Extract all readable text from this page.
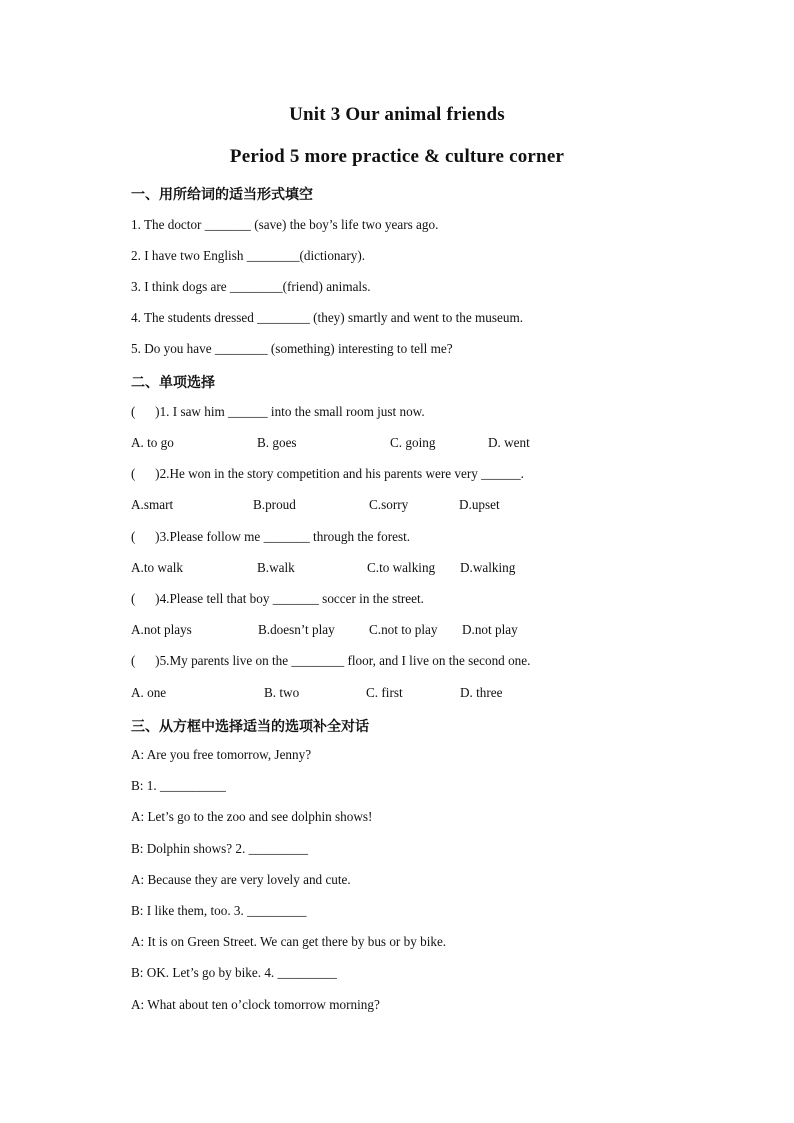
Unit 3 Our animal friends
Period 5 more practice & culture corner
一、用所给词的适当形式填空
1. The doctor _______ (save) the boy’s life two years ago.
2. I have two English ________(dictionary).
3. I think dogs are ________(friend) animals.
4. The students dressed ________ (they) smartly and went to the museum.
5. Do you have ________ (something) interesting to tell me?
二、单项选择
(      )1. I saw him ______ into the small room just now.
A. to go	B. goes	C. going	D. went
(      )2.He won in the story competition and his parents were very ______.
A.smart	B.proud	C.sorry	D.upset
(      )3.Please follow me _______ through the forest.
A.to walk	B.walk	C.to walking D.walking
(      )4.Please tell that boy _______ soccer in the street.
A.not plays	B.doesn’t play	C.not to play D.not play
(      )5.My parents live on the ________ floor, and I live on the second one.
A. one	B. two	C. first	D. three
三、从方框中选择适当的选项补全对话
A: Are you free tomorrow, Jenny?
B: 1. __________
A: Let’s go to the zoo and see dolphin shows!
B: Dolphin shows? 2. _________
A: Because they are very lovely and cute.
B: I like them, too. 3. _________
A: It is on Green Street. We can get there by bus or by bike.
B: OK. Let’s go by bike. 4. _________
A: What about ten o’clock tomorrow morning?
